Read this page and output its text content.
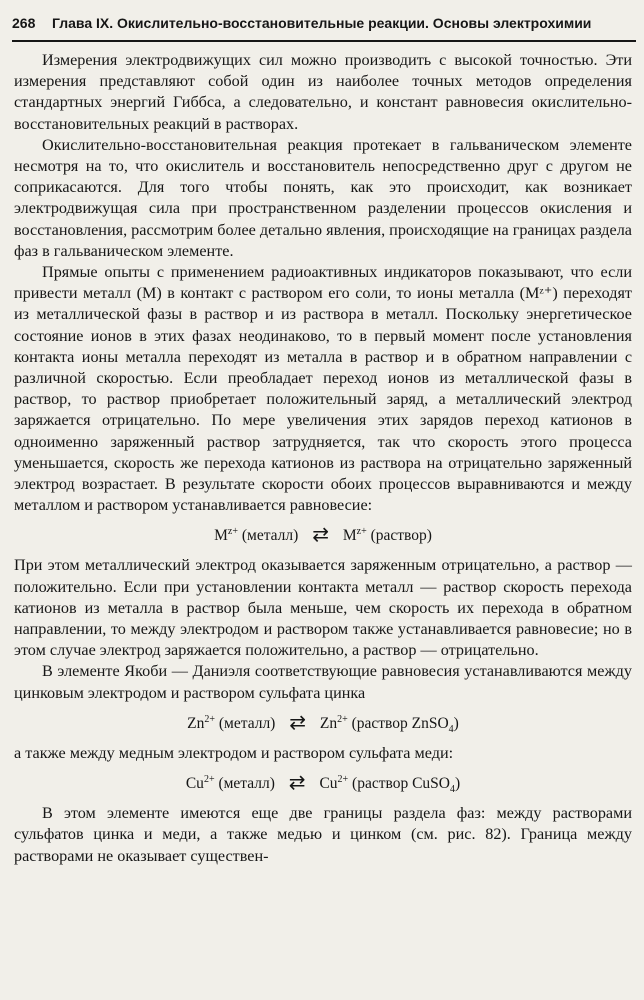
268 Глава IX. Окислительно-восстановительные реакции. Основы электрохимии

Измерения электродвижущих сил можно производить с высокой точностью. Эти измерения представляют собой один из наиболее точных методов определения стандартных энергий Гиббса, а следовательно, и констант равновесия окислительно-восстановительных реакций в растворах.

Окислительно-восстановительная реакция протекает в гальваническом элементе несмотря на то, что окислитель и восстановитель непосредственно друг с другом не соприкасаются. Для того чтобы понять, как это происходит, как возникает электродвижущая сила при пространственном разделении процессов окисления и восстановления, рассмотрим более детально явления, происходящие на границах раздела фаз в гальваническом элементе.

Прямые опыты с применением радиоактивных индикаторов показывают, что если привести металл (M) в контакт с раствором его соли, то ионы металла (Mᶻ⁺) переходят из металлической фазы в раствор и из раствора в металл. Поскольку энергетическое состояние ионов в этих фазах неодинаково, то в первый момент после установления контакта ионы металла переходят из металла в раствор и в обратном направлении с различной скоростью. Если преобладает переход ионов из металлической фазы в раствор, то раствор приобретает положительный заряд, а металлический электрод заряжается отрицательно. По мере увеличения этих зарядов переход катионов в одноименно заряженный раствор затрудняется, так что скорость этого процесса уменьшается, скорость же перехода катионов из раствора на отрицательно заряженный электрод возрастает. В результате скорости обоих процессов выравниваются и между металлом и раствором устанавливается равновесие:

$M^{z+}$ (металл) ⇄ $M^{z+}$ (раствор)

При этом металлический электрод оказывается заряженным отрицательно, а раствор — положительно. Если при установлении контакта металл — раствор скорость перехода катионов из металла в раствор была меньше, чем скорость их перехода в обратном направлении, то между электродом и раствором также устанавливается равновесие; но в этом случае электрод заряжается положительно, а раствор — отрицательно.

В элементе Якоби — Даниэля соответствующие равновесия устанавливаются между цинковым электродом и раствором сульфата цинка

$Zn^{2+}$ (металл) ⇄ $Zn^{2+}$ (раствор ZnSO$_4$)

а также между медным электродом и раствором сульфата меди:

$Cu^{2+}$ (металл) ⇄ $Cu^{2+}$ (раствор CuSO$_4$)

В этом элементе имеются еще две границы раздела фаз: между растворами сульфатов цинка и меди, а также медью и цинком (см. рис. 82). Граница между растворами не оказывает существен-
